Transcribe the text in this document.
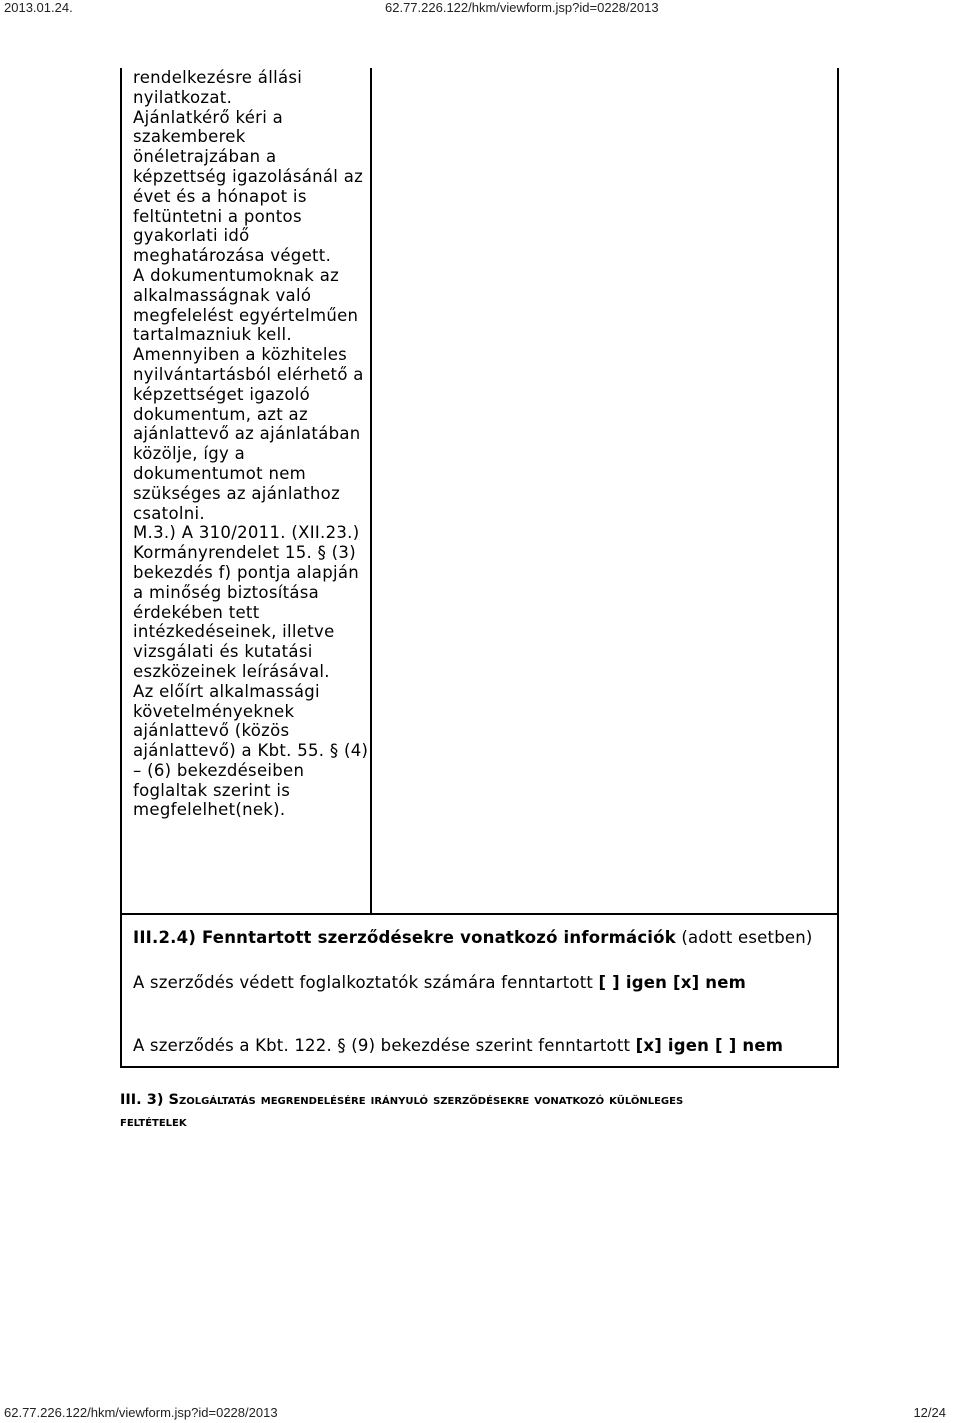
2013.01.24.	62.77.226.122/hkm/viewform.jsp?id=0228/2013

rendelkezésre állási nyilatkozat.

Ajánlatkérő kéri a szakemberek önéletrajzában a képzettség igazolásánál az évet és a hónapot is feltüntetni a pontos gyakorlati idő meghatározása végett.

A dokumentumoknak az alkalmasságnak való megfelelést egyértelműen tartalmazniuk kell.

Amennyiben a közhiteles nyilvántartásból elérhető a képzettséget igazoló dokumentum, azt az ajánlattevő az ajánlatában közölje, így a dokumentumot nem szükséges az ajánlathoz csatolni.

M.3.) A 310/2011. (XII.23.) Kormányrendelet 15. § (3) bekezdés f) pontja alapján a minőség biztosítása érdekében tett intézkedéseinek, illetve vizsgálati és kutatási eszközeinek leírásával.

Az előírt alkalmassági követelményeknek ajánlattevő (közös ajánlattevő) a Kbt. 55. § (4) – (6) bekezdéseiben foglaltak szerint is megfelelhet(nek).

III.2.4) Fenntartott szerződésekre vonatkozó információk (adott esetben)
A szerződés védett foglalkoztatók számára fenntartott [ ] igen [x] nem
A szerződés a Kbt. 122. § (9) bekezdése szerint fenntartott [x] igen [ ] nem
III. 3) Szolgáltatás megrendelésére irányuló szerződésekre vonatkozó különleges
feltételek
62.77.226.122/hkm/viewform.jsp?id=0228/2013	12/24
